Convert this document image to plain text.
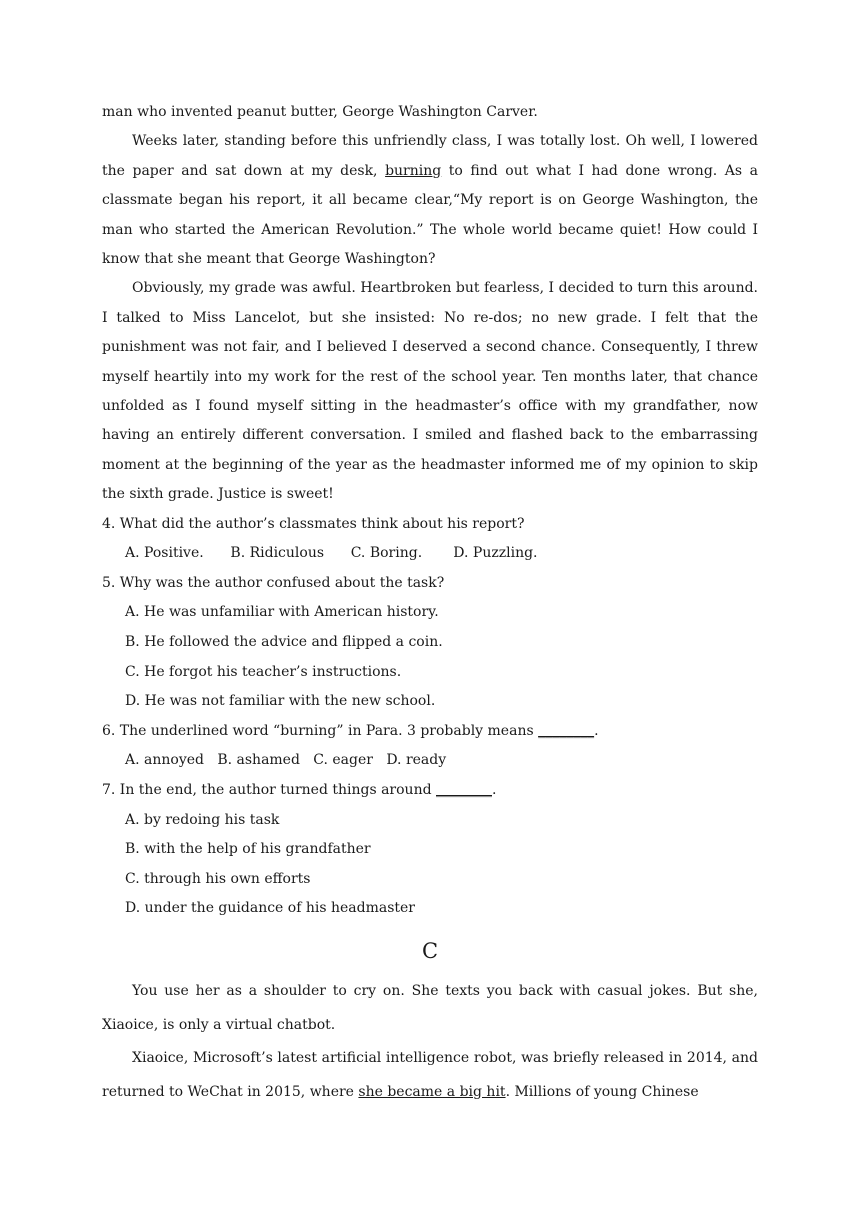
man who invented peanut butter, George Washington Carver.

Weeks later, standing before this unfriendly class, I was totally lost. Oh well, I lowered the paper and sat down at my desk, burning to find out what I had done wrong. As a classmate began his report, it all became clear,“My report is on George Washington, the man who started the American Revolution.” The whole world became quiet! How could I know that she meant that George Washington?

Obviously, my grade was awful. Heartbroken but fearless, I decided to turn this around. I talked to Miss Lancelot, but she insisted: No re-dos; no new grade. I felt that the punishment was not fair, and I believed I deserved a second chance. Consequently, I threw myself heartily into my work for the rest of the school year. Ten months later, that chance unfolded as I found myself sitting in the headmaster’s office with my grandfather, now having an entirely different conversation. I smiled and flashed back to the embarrassing moment at the beginning of the year as the headmaster informed me of my opinion to skip the sixth grade. Justice is sweet!

4. What did the author’s classmates think about his report?
A. Positive.      B. Ridiculous      C. Boring.       D. Puzzling.
5. Why was the author confused about the task?
A. He was unfamiliar with American history.
B. He followed the advice and flipped a coin.
C. He forgot his teacher’s instructions.
D. He was not familiar with the new school.
6. The underlined word “burning” in Para. 3 probably means ________.
A. annoyed   B. ashamed   C. eager   D. ready
7. In the end, the author turned things around ________.
A. by redoing his task
B. with the help of his grandfather
C. through his own efforts
D. under the guidance of his headmaster
C

You use her as a shoulder to cry on. She texts you back with casual jokes. But she, Xiaoice, is only a virtual chatbot.

Xiaoice, Microsoft’s latest artificial intelligence robot, was briefly released in 2014, and returned to WeChat in 2015, where she became a big hit. Millions of young Chinese
